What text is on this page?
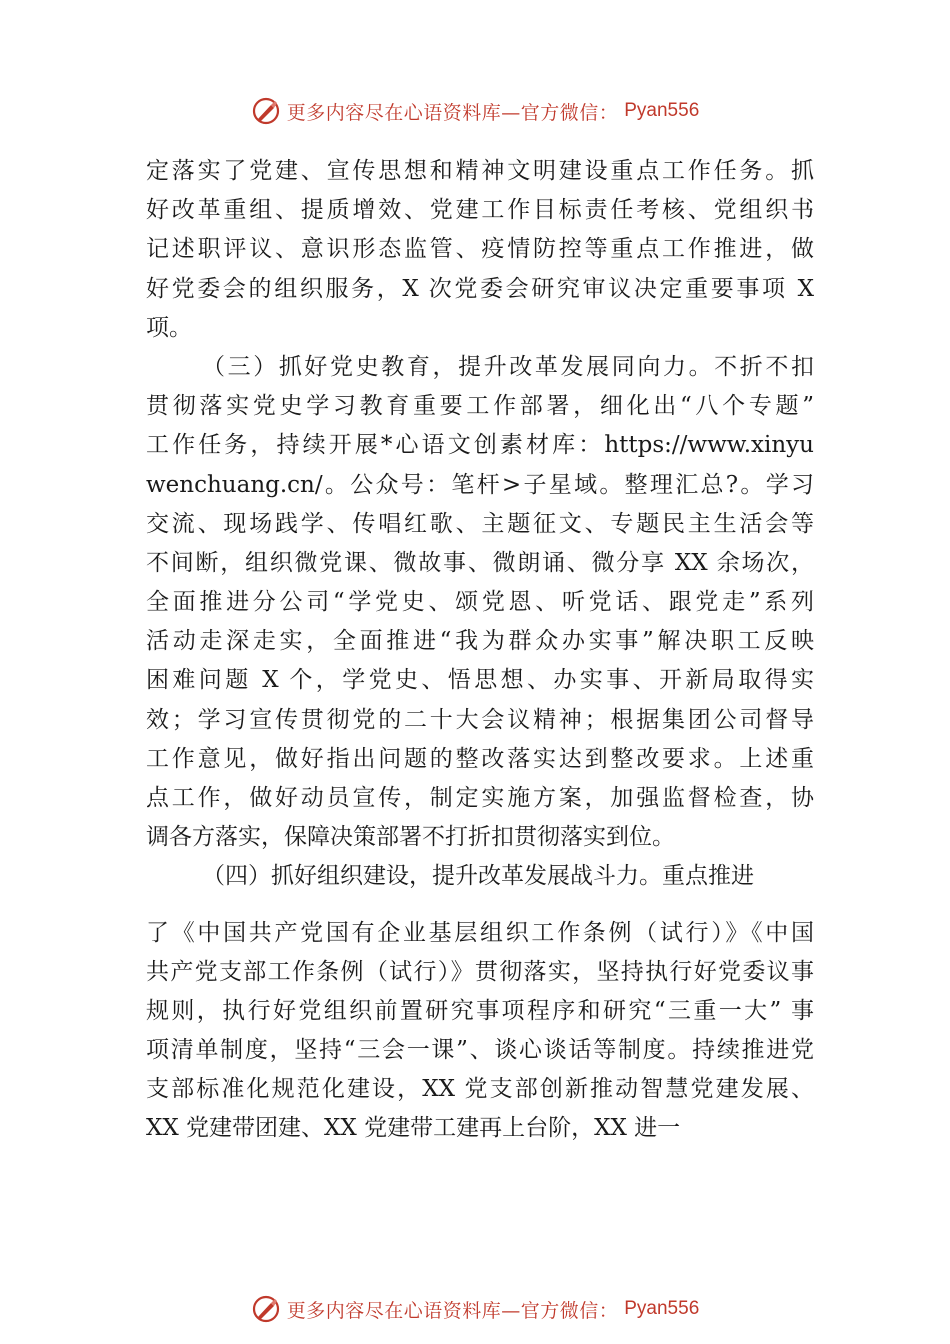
更多内容尽在心语资料库—官方微信： Pyan556
定落实了党建、宣传思想和精神文明建设重点工作任务。抓
好改革重组、提质增效、党建工作目标责任考核、党组织书
记述职评议、意识形态监管、疫情防控等重点工作推进，做
好党委会的组织服务，X 次党委会研究审议决定重要事项 X
项。
（三）抓好党史教育，提升改革发展同向力。不折不扣
贯彻落实党史学习教育重要工作部署，细化出“八个专题”
工作任务，持续开展*心语文创素材库：https://www.xinyu
wenchuang.cn/。公众号：笔杆>子星域。整理汇总?。学习
交流、现场践学、传唱红歌、主题征文、专题民主生活会等
不间断，组织微党课、微故事、微朗诵、微分享 XX 余场次，
全面推进分公司“学党史、颂党恩、听党话、跟党走”系列
活动走深走实，全面推进“我为群众办实事”解决职工反映
困难问题 X 个，学党史、悟思想、办实事、开新局取得实
效；学习宣传贯彻党的二十大会议精神；根据集团公司督导
工作意见，做好指出问题的整改落实达到整改要求。上述重
点工作，做好动员宣传，制定实施方案，加强监督检查，协
调各方落实，保障决策部署不打折扣贯彻落实到位。
（四）抓好组织建设，提升改革发展战斗力。重点推进
了《中国共产党国有企业基层组织工作条例（试行）》《中国
共产党支部工作条例（试行）》贯彻落实，坚持执行好党委议事
规则，执行好党组织前置研究事项程序和研究“三重一大” 事
项清单制度，坚持“三会一课”、谈心谈话等制度。持续推进党
支部标准化规范化建设，XX 党支部创新推动智慧党建发展、
XX 党建带团建、XX 党建带工建再上台阶，XX 进一
更多内容尽在心语资料库—官方微信： Pyan556
